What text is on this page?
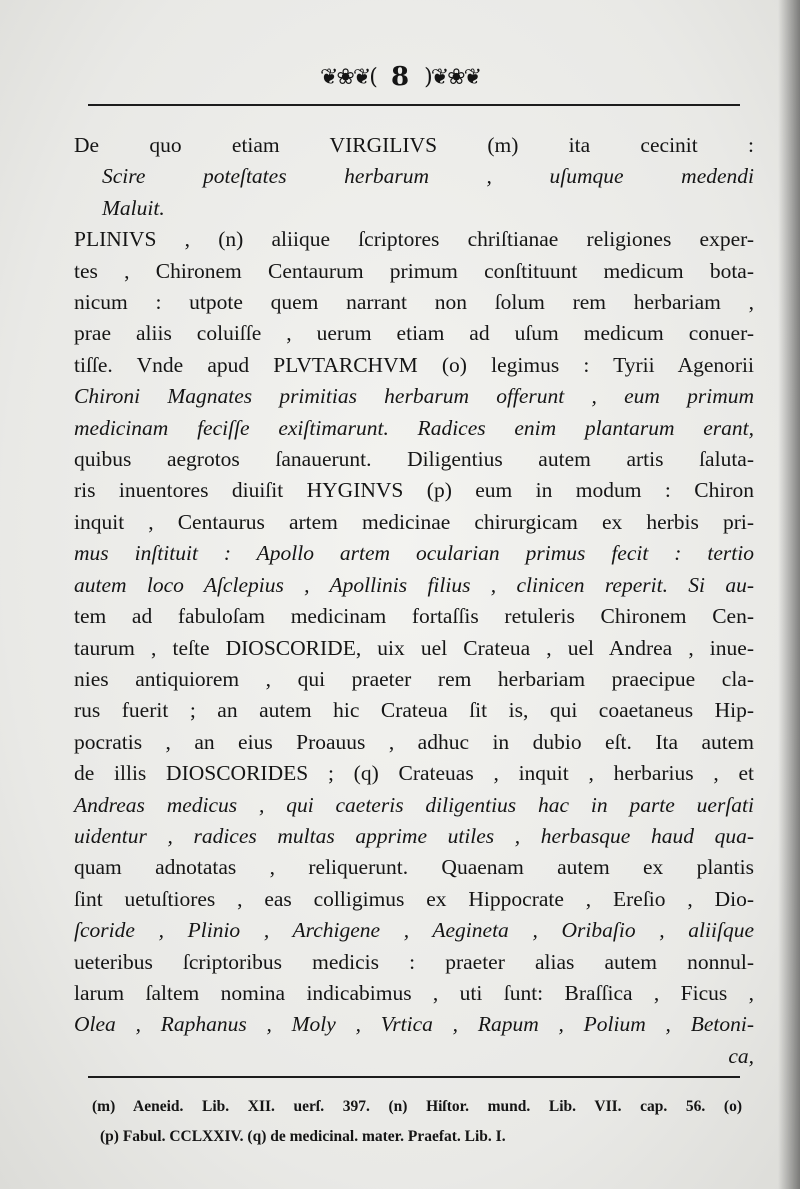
❦❀❦( 8 )❦❀❦
De quo etiam VIRGILIVS (m) ita cecinit :
Scire poteſtates herbarum , uſumque medendi
Maluit.
PLINIVS , (n) aliique ſcriptores chriſtianae religiones exper-
tes , Chironem Centaurum primum conſtituunt medicum bota-
nicum : utpote quem narrant non ſolum rem herbariam ,
prae aliis coluiſſe , uerum etiam ad uſum medicum conuer-
tiſſe. Vnde apud PLVTARCHVM (o) legimus : Tyrii Agenorii
Chironi Magnates primitias herbarum offerunt , eum primum
medicinam feciſſe exiſtimarunt. Radices enim plantarum erant,
quibus aegrotos ſanauerunt. Diligentius autem artis ſaluta-
ris inuentores diuiſit HYGINVS (p) eum in modum : Chiron
inquit , Centaurus artem medicinae chirurgicam ex herbis pri-
mus inſtituit : Apollo artem ocularian primus fecit : tertio
autem loco Aſclepius , Apollinis filius , clinicen reperit. Si au-
tem ad fabuloſam medicinam fortaſſis retuleris Chironem Cen-
taurum , teſte DIOSCORIDE, uix uel Crateua , uel Andrea , inue-
nies antiquiorem , qui praeter rem herbariam praecipue cla-
rus fuerit ; an autem hic Crateua ſit is, qui coaetaneus Hip-
pocratis , an eius Proauus , adhuc in dubio eſt. Ita autem
de illis DIOSCORIDES ; (q) Crateuas , inquit , herbarius , et
Andreas medicus , qui caeteris diligentius hac in parte uerſati
uidentur , radices multas apprime utiles , herbasque haud qua-
quam adnotatas , reliquerunt. Quaenam autem ex plantis
ſint uetuſtiores , eas colligimus ex Hippocrate , Ereſio , Dio-
ſcoride , Plinio , Archigene , Aegineta , Oribaſio , aliiſque
ueteribus ſcriptoribus medicis : praeter alias autem nonnul-
larum ſaltem nomina indicabimus , uti ſunt: Braſſica , Ficus ,
Olea , Raphanus , Moly , Vrtica , Rapum , Polium , Betoni-
ca,
(m) Aeneid. Lib. XII. uerſ. 397. (n) Hiſtor. mund. Lib. VII. cap. 56. (o)
(p) Fabul. CCLXXIV. (q) de medicinal. mater. Praefat. Lib. I.
